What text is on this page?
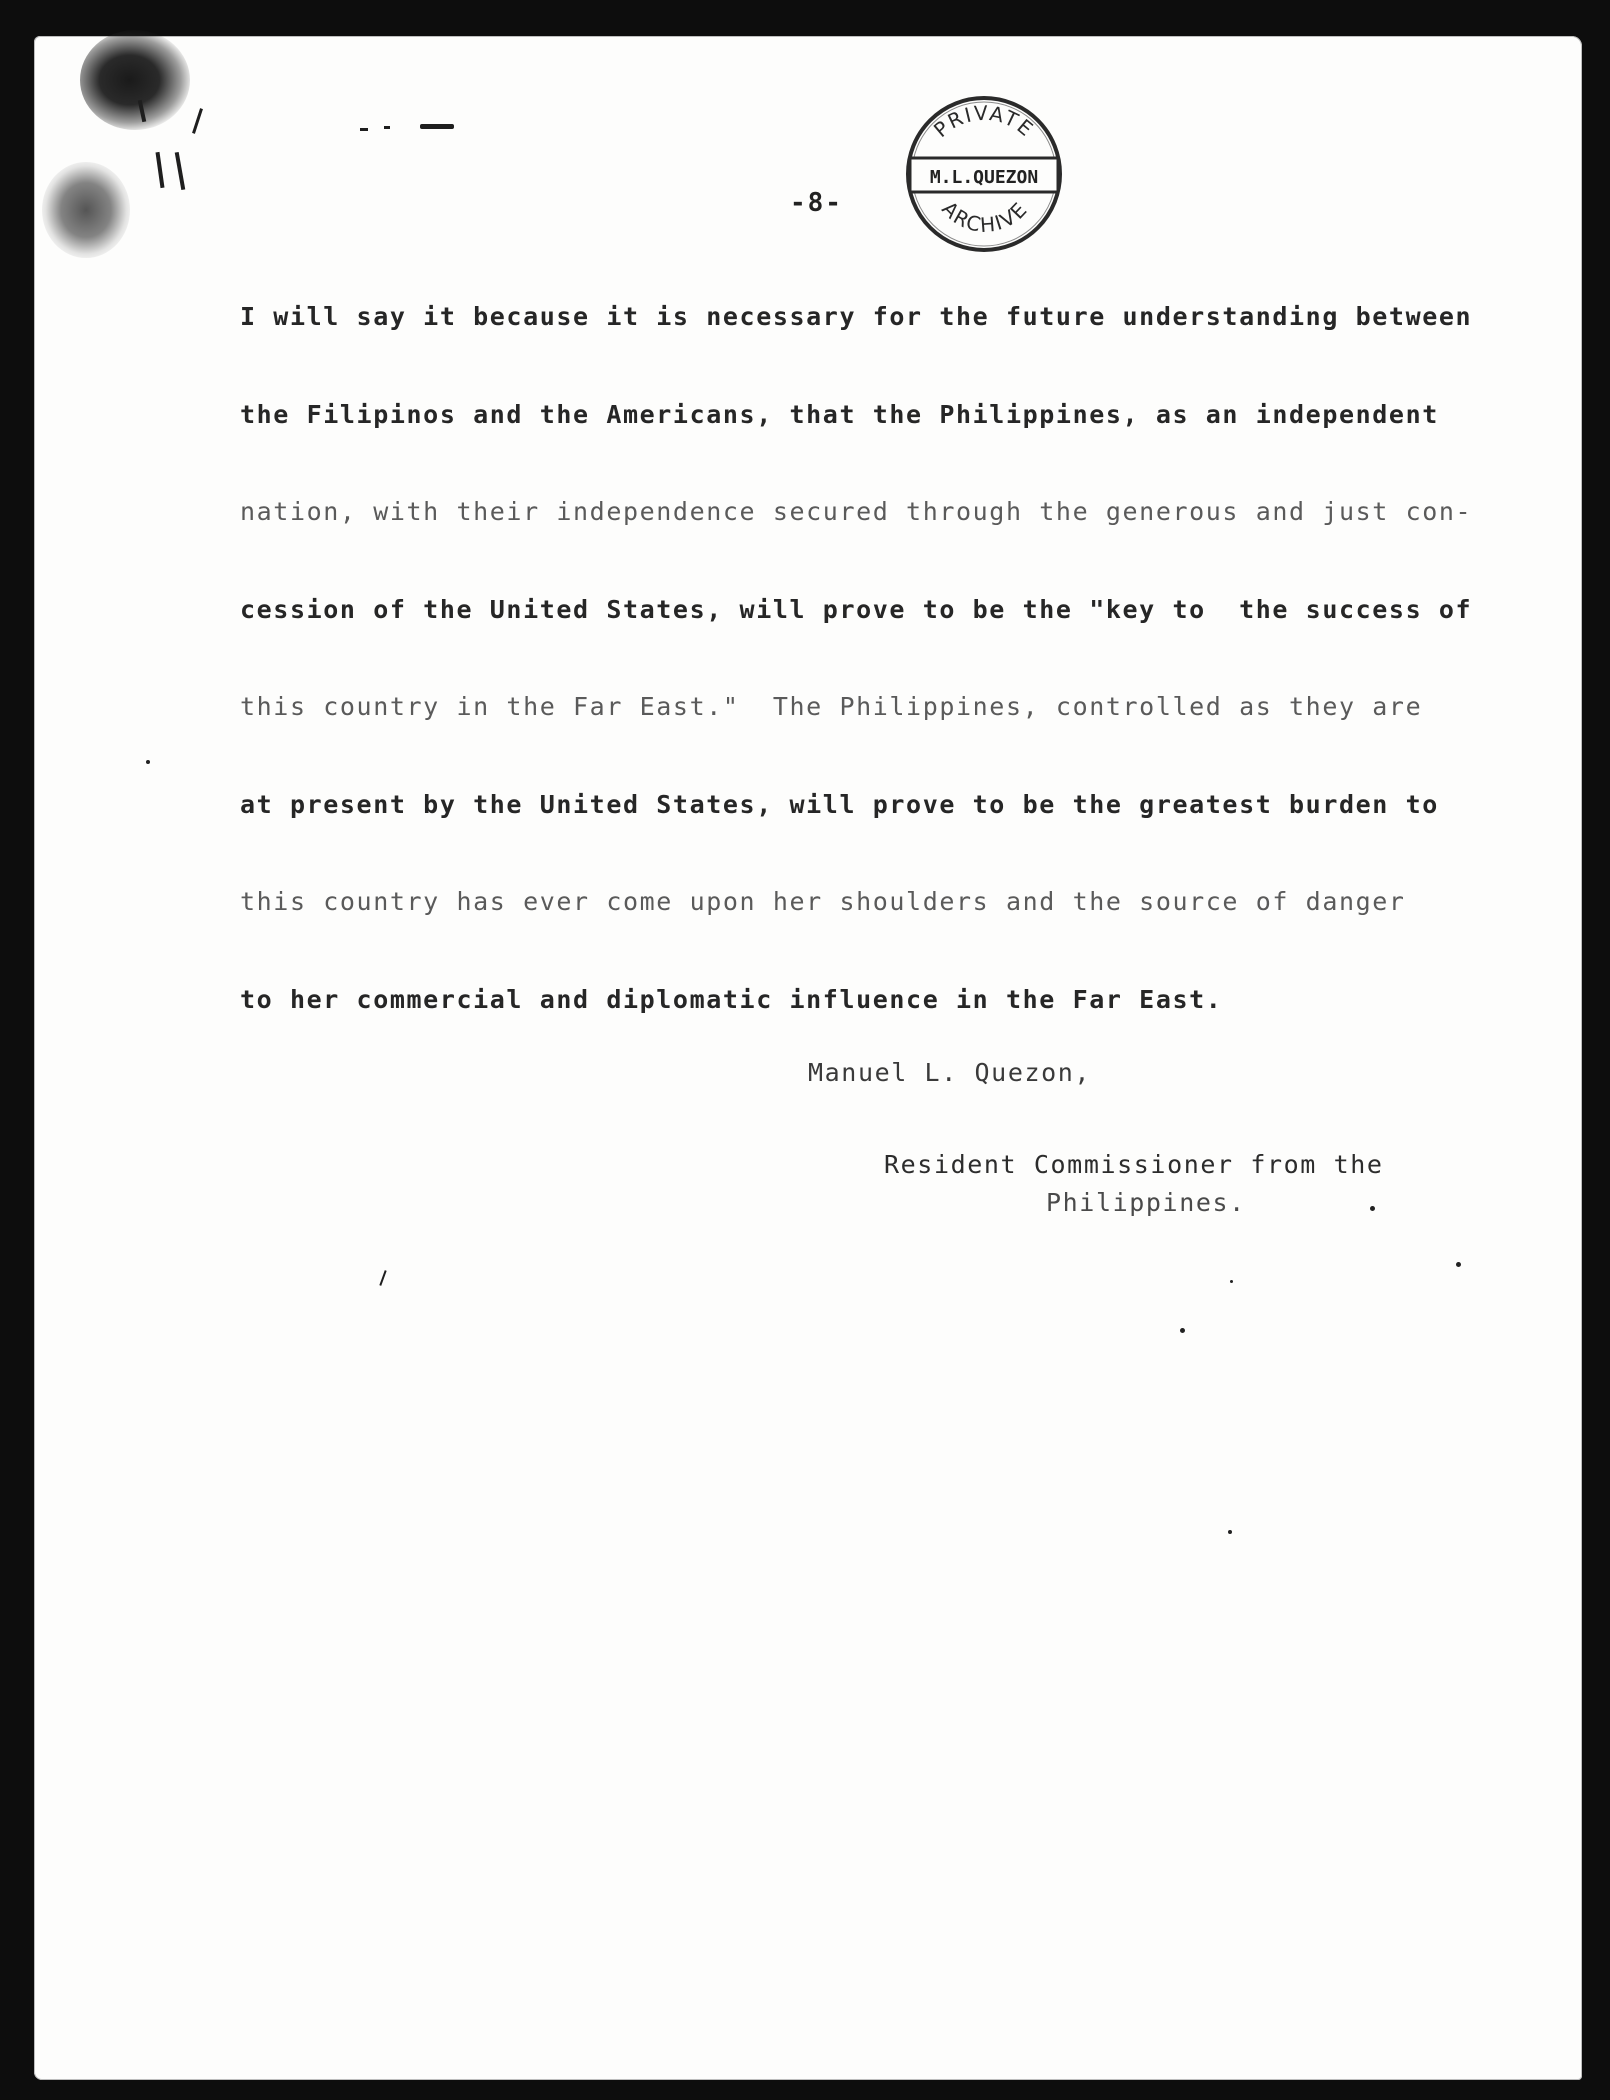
PRIVATE
M.L.QUEZON
ARCHIVE
-8-
I will say it because it is necessary for the future understanding between
the Filipinos and the Americans, that the Philippines, as an independent
nation, with their independence secured through the generous and just con-
cession of the United States, will prove to be the "key to  the success of
this country in the Far East."  The Philippines, controlled as they are
at present by the United States, will prove to be the greatest burden to
this country has ever come upon her shoulders and the source of danger
to her commercial and diplomatic influence in the Far East.
Manuel L. Quezon,
Resident Commissioner from the
Philippines.
